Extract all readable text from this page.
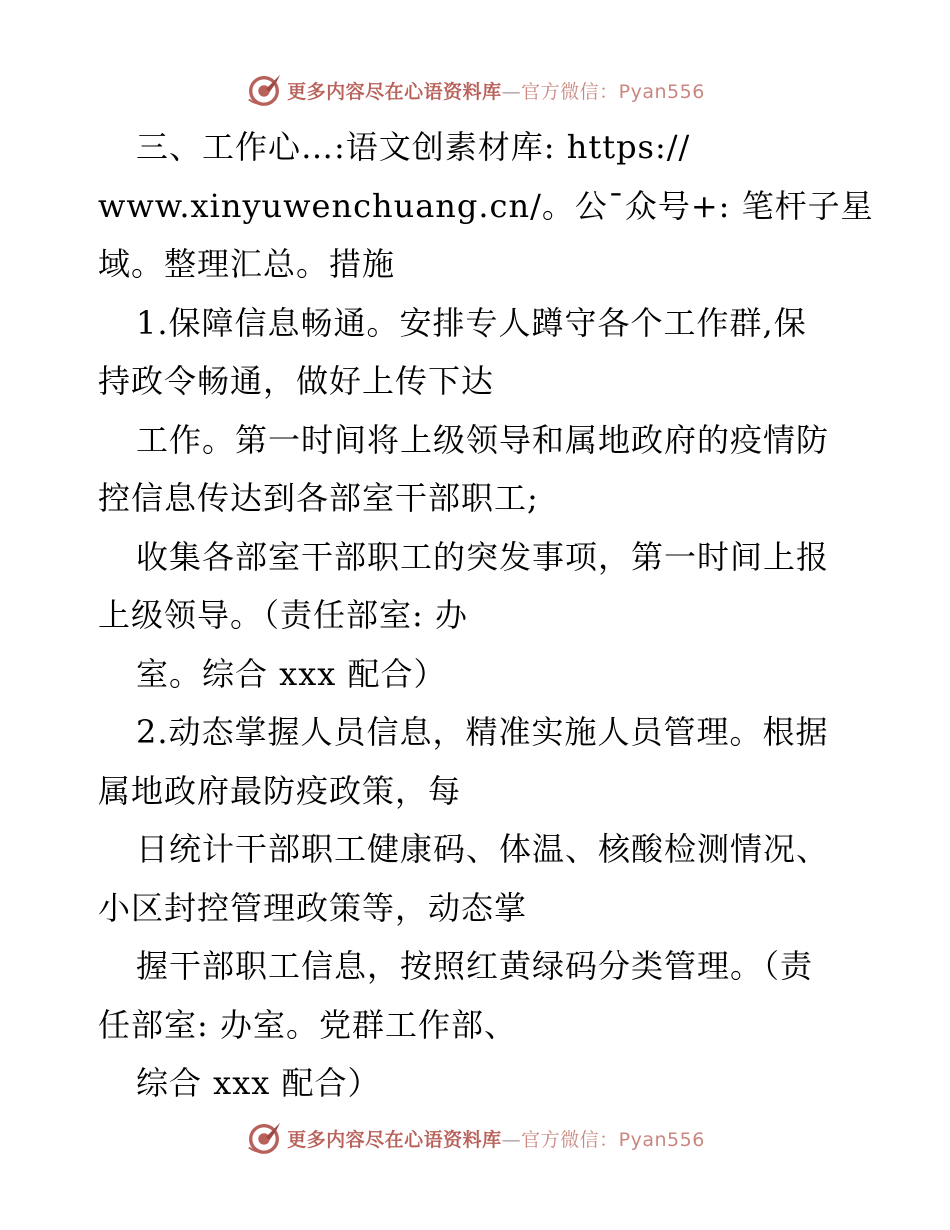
更多内容尽在心语资料库—官方微信：Pyan556
三、工作心…:语文创素材库: https://
www.xinyuwenchuang.cn/。公¯众号+: 笔杆子星
域。整理汇总。措施
1.保障信息畅通。安排专人蹲守各个工作群,保
持政令畅通，做好上传下达
工作。第一时间将上级领导和属地政府的疫情防
控信息传达到各部室干部职工;
收集各部室干部职工的突发事项，第一时间上报
上级领导。（责任部室: 办
室。综合 xxx 配合）
2.动态掌握人员信息，精准实施人员管理。根据
属地政府最防疫政策，每
日统计干部职工健康码、体温、核酸检测情况、
小区封控管理政策等，动态掌
握干部职工信息，按照红黄绿码分类管理。（责
任部室: 办室。党群工作部、
综合 xxx 配合）
更多内容尽在心语资料库—官方微信：Pyan556
